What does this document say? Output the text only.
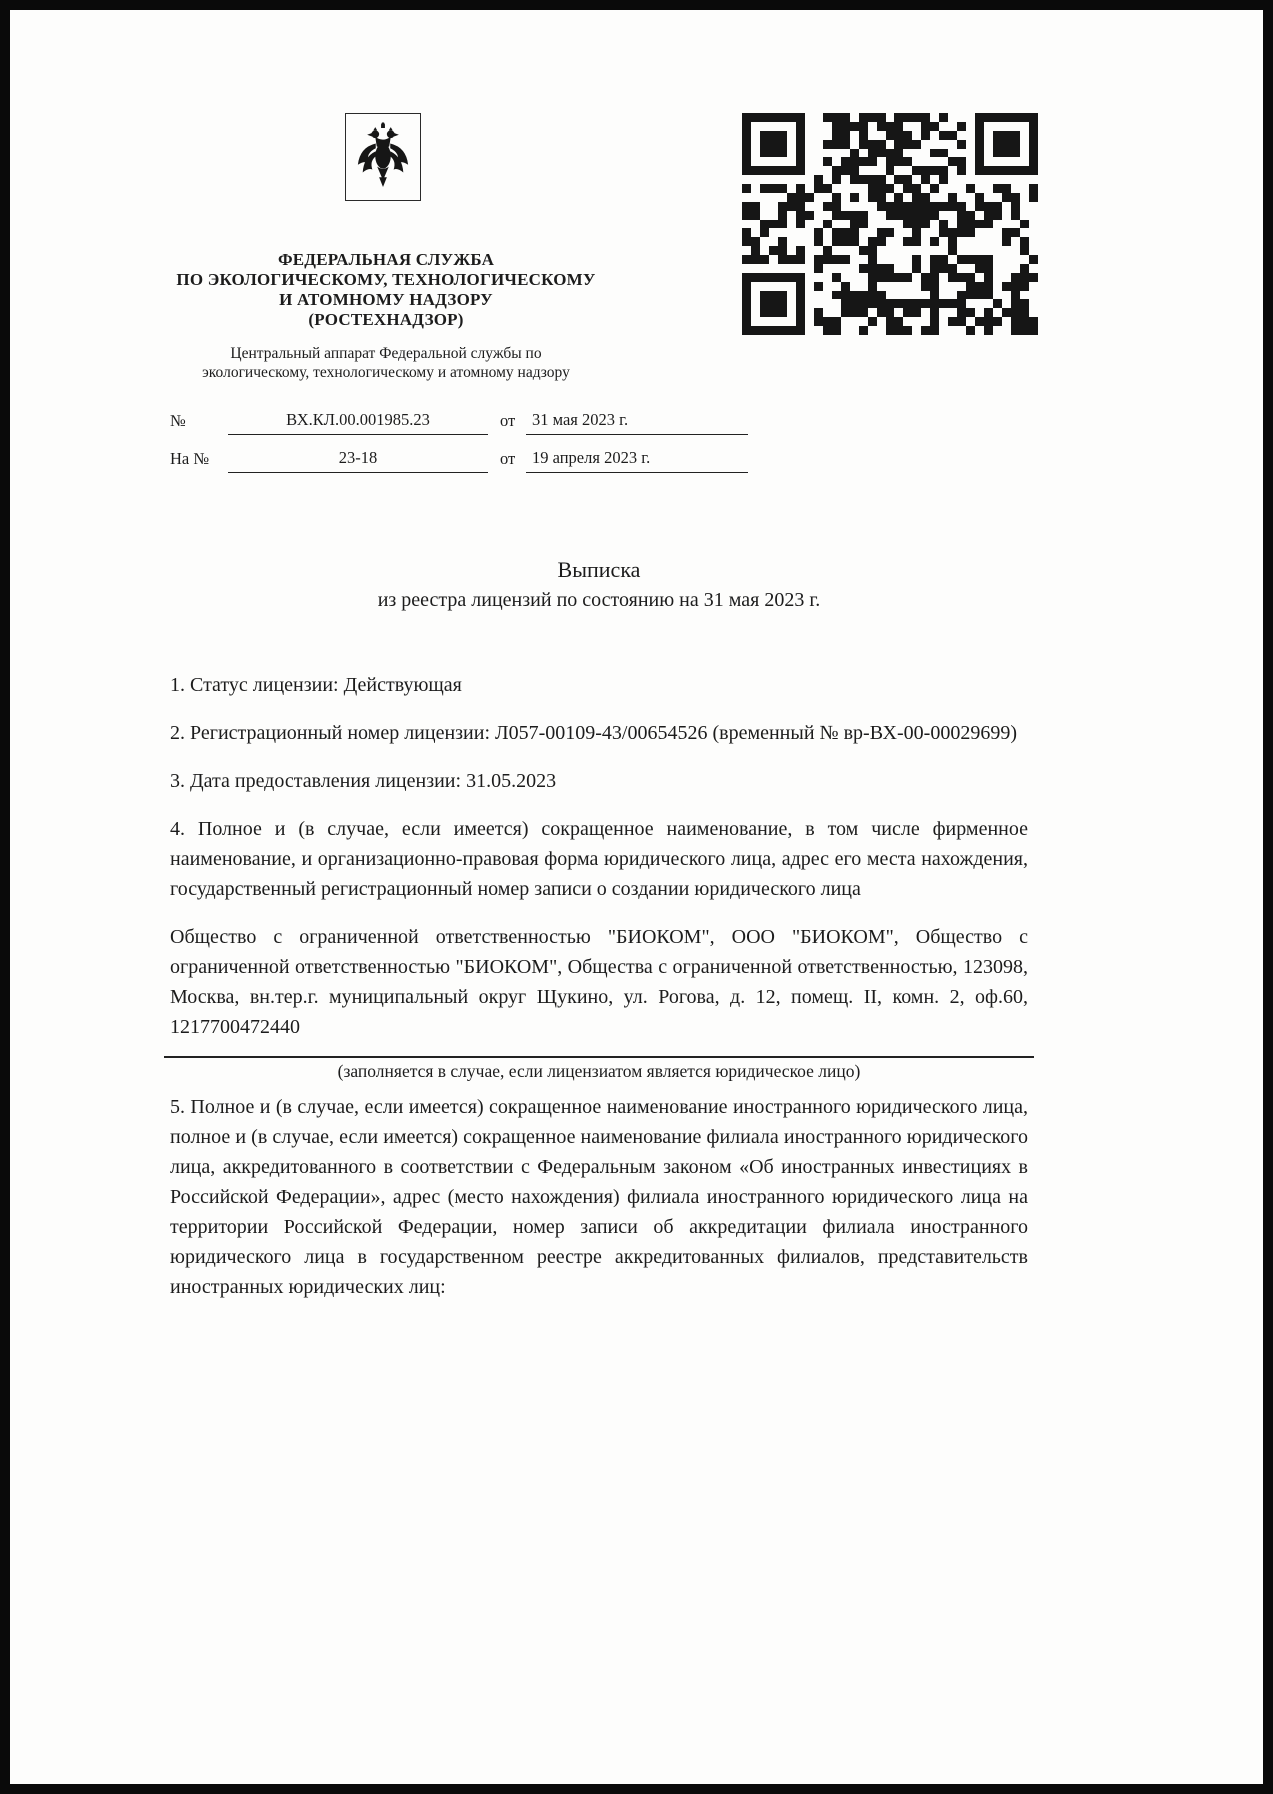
ФЕДЕРАЛЬНАЯ СЛУЖБА
ПО ЭКОЛОГИЧЕСКОМУ, ТЕХНОЛОГИЧЕСКОМУ
И АТОМНОМУ НАДЗОРУ
(РОСТЕХНАДЗОР)
Центральный аппарат Федеральной службы по
экологическому, технологическому и атомному надзору
№	ВХ.КЛ.00.001985.23	от	31 мая 2023 г.
На №	23-18	от	19 апреля 2023 г.
Выписка
из реестра лицензий по состоянию на 31 мая 2023 г.

1. Статус лицензии: Действующая

2. Регистрационный номер лицензии: Л057-00109-43/00654526 (временный № вр-ВХ-00-00029699)

3. Дата предоставления лицензии: 31.05.2023

4. Полное и (в случае, если имеется) сокращенное наименование, в том числе фирменное наименование, и организационно-правовая форма юридического лица, адрес его места нахождения, государственный регистрационный номер записи о создании юридического лица

Общество с ограниченной ответственностью "БИОКОМ", ООО "БИОКОМ", Общество с ограниченной ответственностью "БИОКОМ", Общества с ограниченной ответственностью, 123098, Москва, вн.тер.г. муниципальный округ Щукино, ул. Рогова, д. 12, помещ. II, комн. 2, оф.60, 1217700472440

(заполняется в случае, если лицензиатом является юридическое лицо)

5. Полное и (в случае, если имеется) сокращенное наименование иностранного юридического лица, полное и (в случае, если имеется) сокращенное наименование филиала иностранного юридического лица, аккредитованного в соответствии с Федеральным законом «Об иностранных инвестициях в Российской Федерации», адрес (место нахождения) филиала иностранного юридического лица на территории Российской Федерации, номер записи об аккредитации филиала иностранного юридического лица в государственном реестре аккредитованных филиалов, представительств иностранных юридических лиц:
